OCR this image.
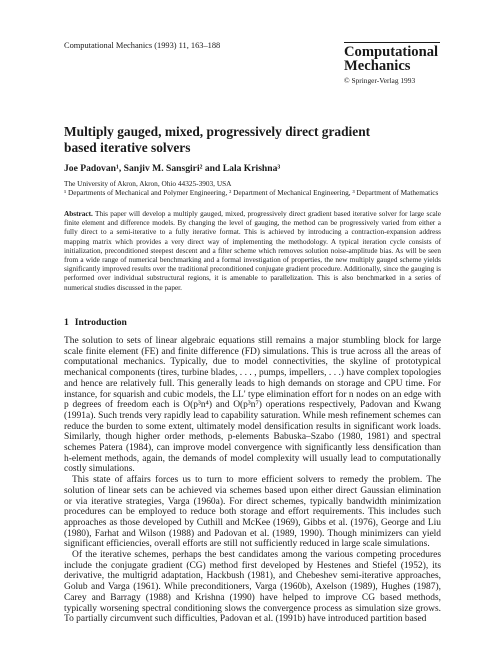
Computational Mechanics (1993) 11, 163–188	Computational Mechanics
© Springer-Verlag 1993
Multiply gauged, mixed, progressively direct gradient based iterative solvers
Joe Padovan¹, Sanjiv M. Sansgiri² and Lala Krishna³
The University of Akron, Akron, Ohio 44325-3903, USA
¹ Departments of Mechanical and Polymer Engineering, ² Department of Mechanical Engineering, ³ Department of Mathematics
Abstract. This paper will develop a multiply gauged, mixed, progressively direct gradient based iterative solver for large scale finite element and difference models. By changing the level of gauging, the method can be progressively varied from either a fully direct to a semi-iterative to a fully iterative format. This is achieved by introducing a contraction-expansion address mapping matrix which provides a very direct way of implementing the methodology. A typical iteration cycle consists of initialization, preconditioned steepest descent and a filter scheme which removes solution noise-amplitude bias. As will be seen from a wide range of numerical benchmarking and a formal investigation of properties, the new multiply gauged scheme yields significantly improved results over the traditional preconditioned conjugate gradient procedure. Additionally, since the gauging is performed over individual substructural regions, it is amenable to parallelization. This is also benchmarked in a series of numerical studies discussed in the paper.
1 Introduction

The solution to sets of linear algebraic equations still remains a major stumbling block for large scale finite element (FE) and finite difference (FD) simulations. This is true across all the areas of computational mechanics. Typically, due to model connectivities, the skyline of prototypical mechanical components (tires, turbine blades, . . . , pumps, impellers, . . .) have complex topologies and hence are relatively full. This generally leads to high demands on storage and CPU time. For instance, for squarish and cubic models, the LL' type elimination effort for n nodes on an edge with p degrees of freedom each is O(p³n⁴) and O(p³n⁷) operations respectively, Padovan and Kwang (1991a). Such trends very rapidly lead to capability saturation. While mesh refinement schemes can reduce the burden to some extent, ultimately model densification results in significant work loads. Similarly, though higher order methods, p-elements Babuska–Szabo (1980, 1981) and spectral schemes Patera (1984), can improve model convergence with significantly less densification than h-element methods, again, the demands of model complexity will usually lead to computationally costly simulations.

This state of affairs forces us to turn to more efficient solvers to remedy the problem. The solution of linear sets can be achieved via schemes based upon either direct Gaussian elimination or via iterative strategies, Varga (1960a). For direct schemes, typically bandwidth minimization procedures can be employed to reduce both storage and effort requirements. This includes such approaches as those developed by Cuthill and McKee (1969), Gibbs et al. (1976), George and Liu (1980), Farhat and Wilson (1988) and Padovan et al. (1989, 1990). Though minimizers can yield significant efficiencies, overall efforts are still not sufficiently reduced in large scale simulations.

Of the iterative schemes, perhaps the best candidates among the various competing procedures include the conjugate gradient (CG) method first developed by Hestenes and Stiefel (1952), its derivative, the multigrid adaptation, Hackbush (1981), and Chebeshev semi-iterative approaches, Golub and Varga (1961). While preconditioners, Varga (1960b), Axelson (1989), Hughes (1987), Carey and Barragy (1988) and Krishna (1990) have helped to improve CG based methods, typically worsening spectral conditioning slows the convergence process as simulation size grows. To partially circumvent such difficulties, Padovan et al. (1991b) have introduced partition based
